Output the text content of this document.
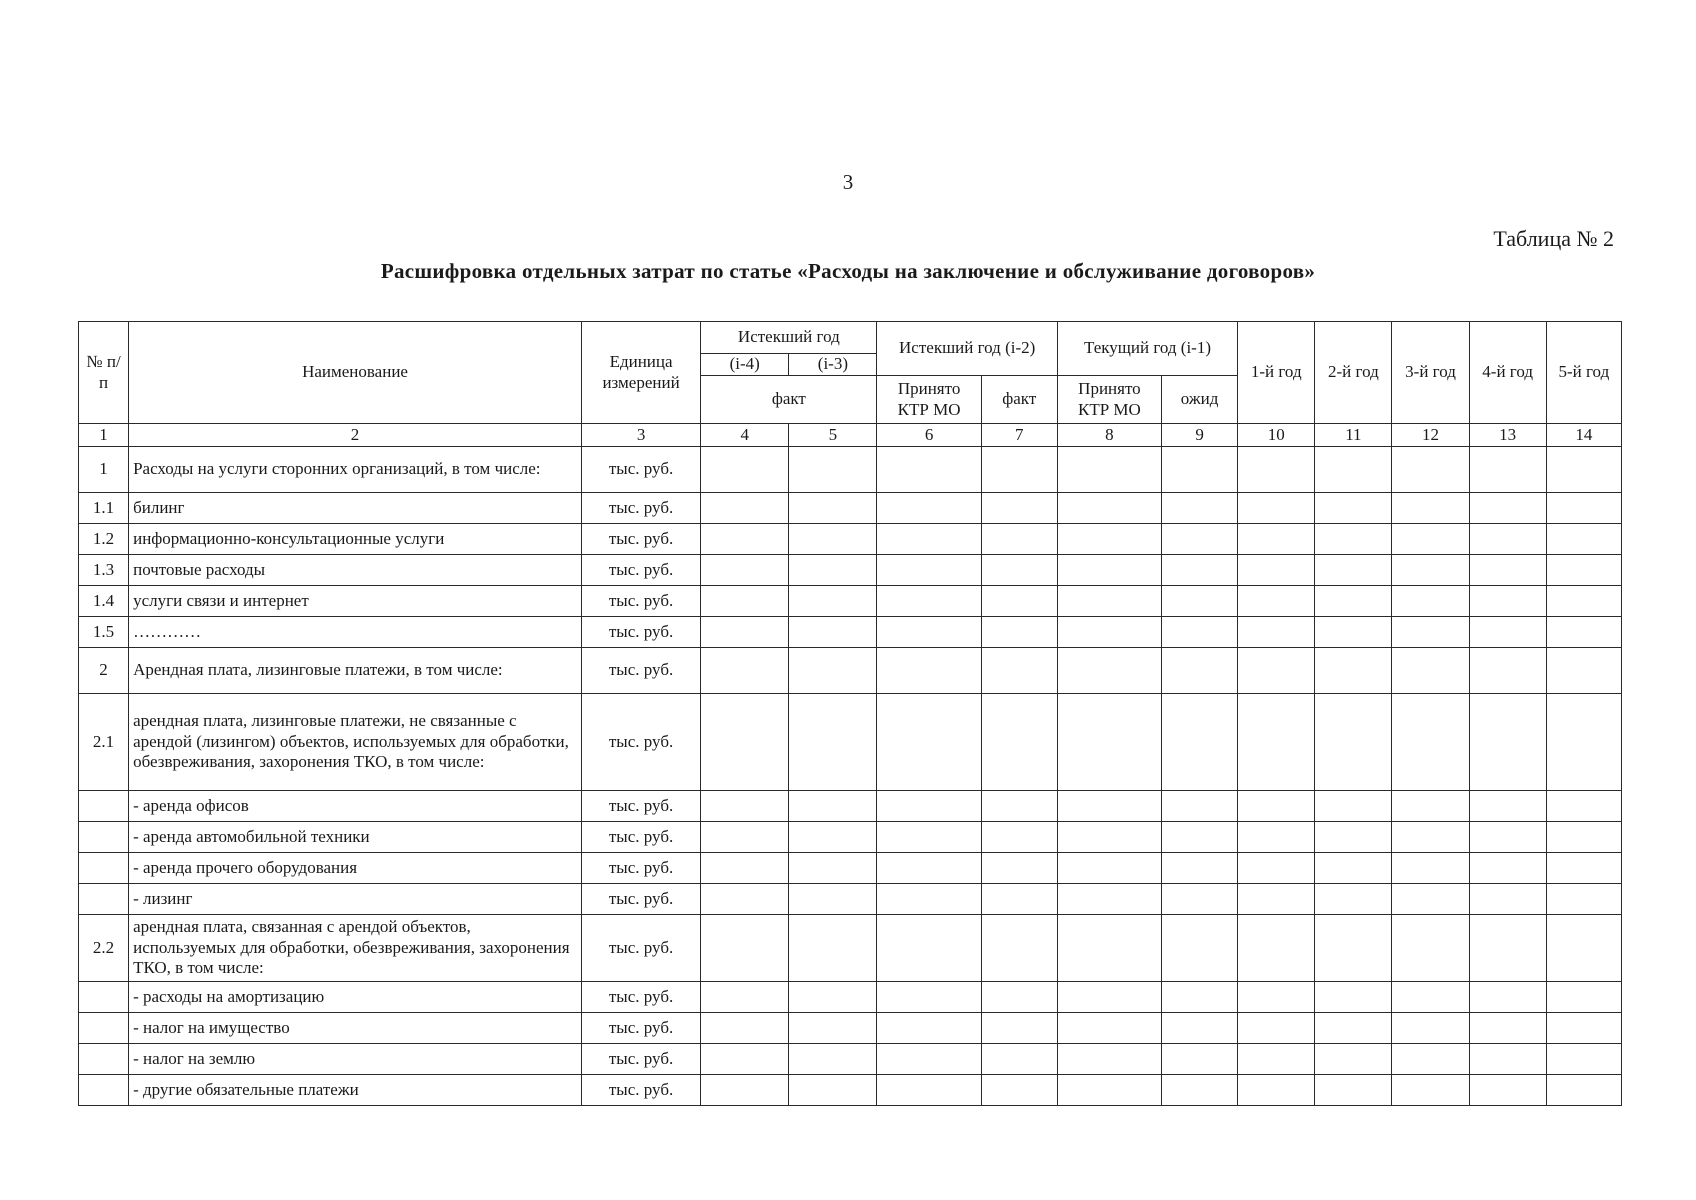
3
Таблица № 2
Расшифровка отдельных затрат по статье «Расходы на заключение и обслуживание договоров»
№ п/п	Наименование	Единица измерений	Истекший год		Истекший год (i-2)		Текущий год (i-1)		1-й год	2-й год	3-й год	4-й год	5-й год
			(i-4)	(i-3)									
			факт		Принято КТР МО	факт	Принято КТР МО	ожид					
1	2	3	4	5	6	7	8	9	10	11	12	13	14
1	Расходы на услуги сторонних организаций, в том числе:	тыс. руб.											
1.1	билинг	тыс. руб.											
1.2	информационно-консультационные услуги	тыс. руб.											
1.3	почтовые расходы	тыс. руб.											
1.4	услуги связи и интернет	тыс. руб.											
1.5	…………	тыс. руб.											
2	Арендная плата, лизинговые платежи, в том числе:	тыс. руб.											
2.1	арендная плата, лизинговые платежи, не связанные с арендой (лизингом) объектов, используемых для обработки, обезвреживания, захоронения ТКО, в том числе:	тыс. руб.											
	- аренда офисов	тыс. руб.											
	- аренда автомобильной техники	тыс. руб.											
	- аренда прочего оборудования	тыс. руб.											
	- лизинг	тыс. руб.											
2.2	арендная плата, связанная с арендой объектов, используемых для обработки, обезвреживания, захоронения ТКО, в том числе:	тыс. руб.											
	- расходы на амортизацию	тыс. руб.											
	- налог на имущество	тыс. руб.											
	- налог на землю	тыс. руб.											
	- другие обязательные платежи	тыс. руб.											
